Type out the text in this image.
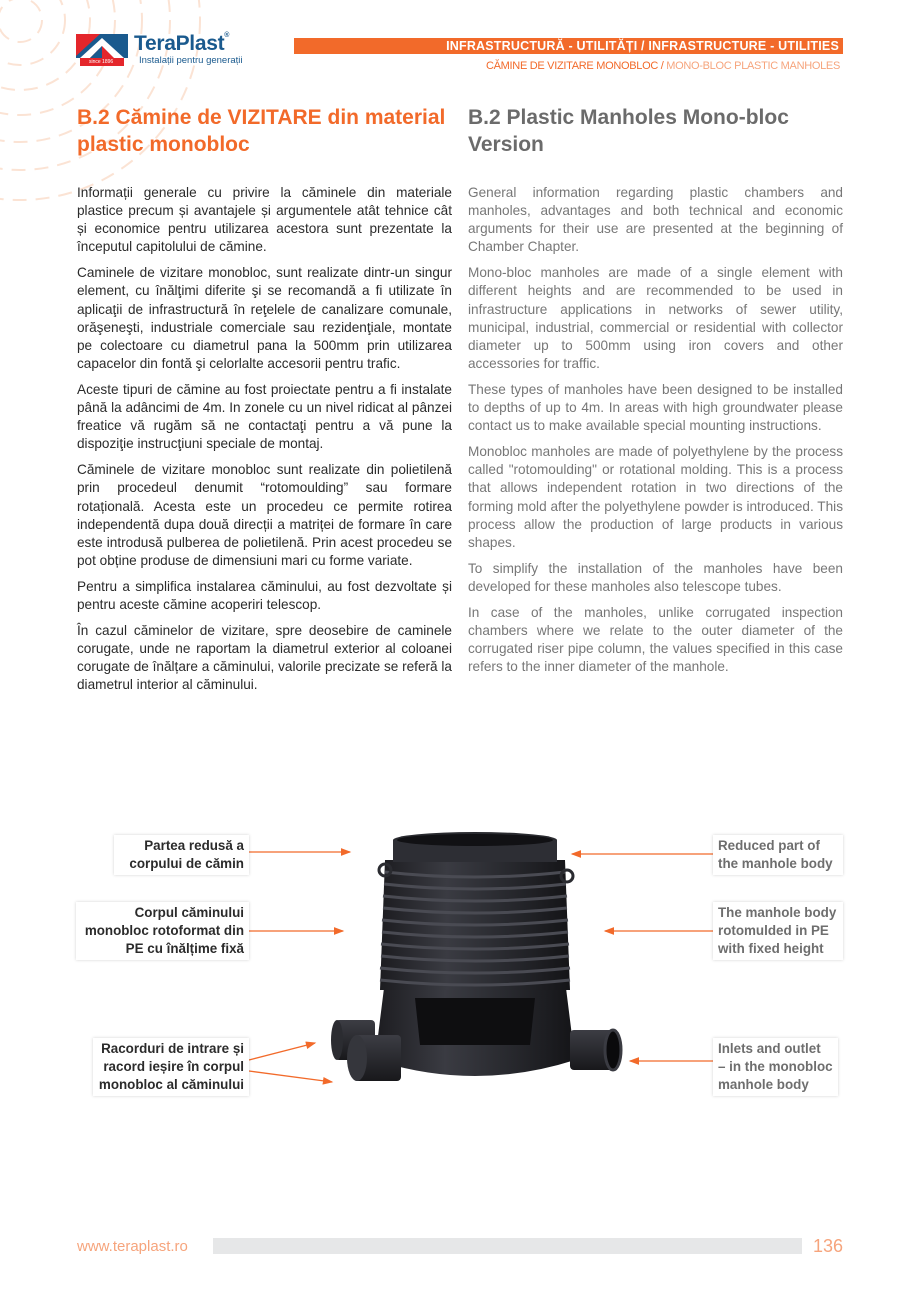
since 1896
TeraPlast®
Instalații pentru generații
INFRASTRUCTURĂ - UTILITĂȚI / INFRASTRUCTURE - UTILITIES
CĂMINE DE VIZITARE MONOBLOC / MONO-BLOC PLASTIC MANHOLES
B.2 Cămine de VIZITARE din material plastic monobloc

Informații generale cu privire la căminele din materiale plastice precum și avantajele și argumentele atât tehnice cât și economice pentru utilizarea acestora sunt prezentate la începutul capitolului de cămine.

Caminele de vizitare monobloc, sunt realizate dintr-un singur element, cu înălţimi diferite şi se recomandă a fi utilizate în aplicaţii de infrastructură în reţelele de canalizare comunale, orăşeneşti, industriale comerciale sau rezidenţiale, montate pe colectoare cu diametrul pana la 500mm prin utilizarea capacelor din fontă şi celorlalte accesorii pentru trafic.

Aceste tipuri de cămine au fost proiectate pentru a fi instalate până la adâncimi de 4m. In zonele cu un nivel ridicat al pânzei freatice vă rugăm să ne contactaţi pentru a vă pune la dispoziţie instrucţiuni speciale de montaj.

Căminele de vizitare monobloc sunt realizate din polietilenă prin procedeul denumit “rotomoulding” sau formare rotațională. Acesta este un procedeu ce permite rotirea independentă dupa două direcții a matriței de formare în care este introdusă pulberea de polietilenă. Prin acest procedeu se pot obține produse de dimensiuni mari cu forme variate.

Pentru a simplifica instalarea căminului, au fost dezvoltate și pentru aceste cămine acoperiri telescop.

În cazul căminelor de vizitare, spre deosebire de caminele corugate, unde ne raportam la diametrul exterior al coloanei corugate de înălțare a căminului, valorile precizate se referă la diametrul interior al căminului.

B.2 Plastic Manholes Mono-bloc Version

General information regarding plastic chambers and manholes, advantages and both technical and economic arguments for their use are presented at the beginning of Chamber Chapter.

Mono-bloc manholes are made of a single element with different heights and are recommended to be used in infrastructure applications in networks of sewer utility, municipal, industrial, commercial or residential with collector diameter up to 500mm using iron covers and other accessories for traffic.

These types of manholes have been designed to be installed to depths of up to 4m. In areas with high groundwater please contact us to make available special mounting instructions.

Monobloc manholes are made of polyethylene by the process called "rotomoulding" or rotational molding. This is a process that allows independent rotation in two directions of the forming mold after the polyethylene powder is introduced. This process allow the production of large products in various shapes.

To simplify the installation of the manholes have been developed for these manholes also telescope tubes.

In case of the manholes, unlike corrugated inspection chambers where we relate to the outer diameter of the corrugated riser pipe column, the values specified in this case refers to the inner diameter of the manhole.

Partea redusă a
corpului de cămin
Corpul căminului
monobloc rotoformat din
PE cu înălțime fixă
Racorduri de intrare și
racord ieșire în corpul
monobloc al căminului
Reduced part of
the manhole body
The manhole body
rotomulded in PE
with fixed height
Inlets and outlet
– in the monobloc
manhole body
www.teraplast.ro	136
